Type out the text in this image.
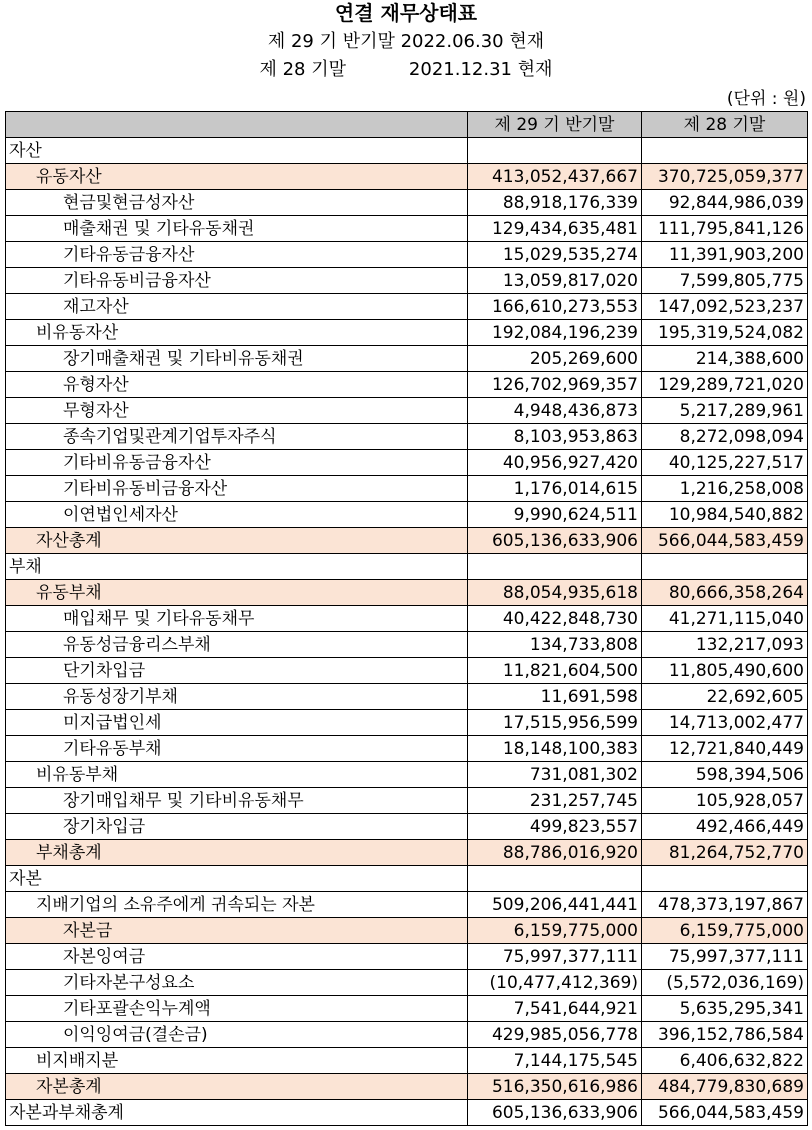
연결 재무상태표
제 29 기 반기말 2022.06.30 현재
제 28 기말           2021.12.31 현재
(단위 : 원)
	제 29 기 반기말	제 28 기말
자산		
유동자산	413,052,437,667	370,725,059,377
현금및현금성자산	88,918,176,339	92,844,986,039
매출채권 및 기타유동채권	129,434,635,481	111,795,841,126
기타유동금융자산	15,029,535,274	11,391,903,200
기타유동비금융자산	13,059,817,020	7,599,805,775
재고자산	166,610,273,553	147,092,523,237
비유동자산	192,084,196,239	195,319,524,082
장기매출채권 및 기타비유동채권	205,269,600	214,388,600
유형자산	126,702,969,357	129,289,721,020
무형자산	4,948,436,873	5,217,289,961
종속기업및관계기업투자주식	8,103,953,863	8,272,098,094
기타비유동금융자산	40,956,927,420	40,125,227,517
기타비유동비금융자산	1,176,014,615	1,216,258,008
이연법인세자산	9,990,624,511	10,984,540,882
자산총계	605,136,633,906	566,044,583,459
부채		
유동부채	88,054,935,618	80,666,358,264
매입채무 및 기타유동채무	40,422,848,730	41,271,115,040
유동성금융리스부채	134,733,808	132,217,093
단기차입금	11,821,604,500	11,805,490,600
유동성장기부채	11,691,598	22,692,605
미지급법인세	17,515,956,599	14,713,002,477
기타유동부채	18,148,100,383	12,721,840,449
비유동부채	731,081,302	598,394,506
장기매입채무 및 기타비유동채무	231,257,745	105,928,057
장기차입금	499,823,557	492,466,449
부채총계	88,786,016,920	81,264,752,770
자본		
지배기업의 소유주에게 귀속되는 자본	509,206,441,441	478,373,197,867
자본금	6,159,775,000	6,159,775,000
자본잉여금	75,997,377,111	75,997,377,111
기타자본구성요소	(10,477,412,369)	(5,572,036,169)
기타포괄손익누계액	7,541,644,921	5,635,295,341
이익잉여금(결손금)	429,985,056,778	396,152,786,584
비지배지분	7,144,175,545	6,406,632,822
자본총계	516,350,616,986	484,779,830,689
자본과부채총계	605,136,633,906	566,044,583,459
